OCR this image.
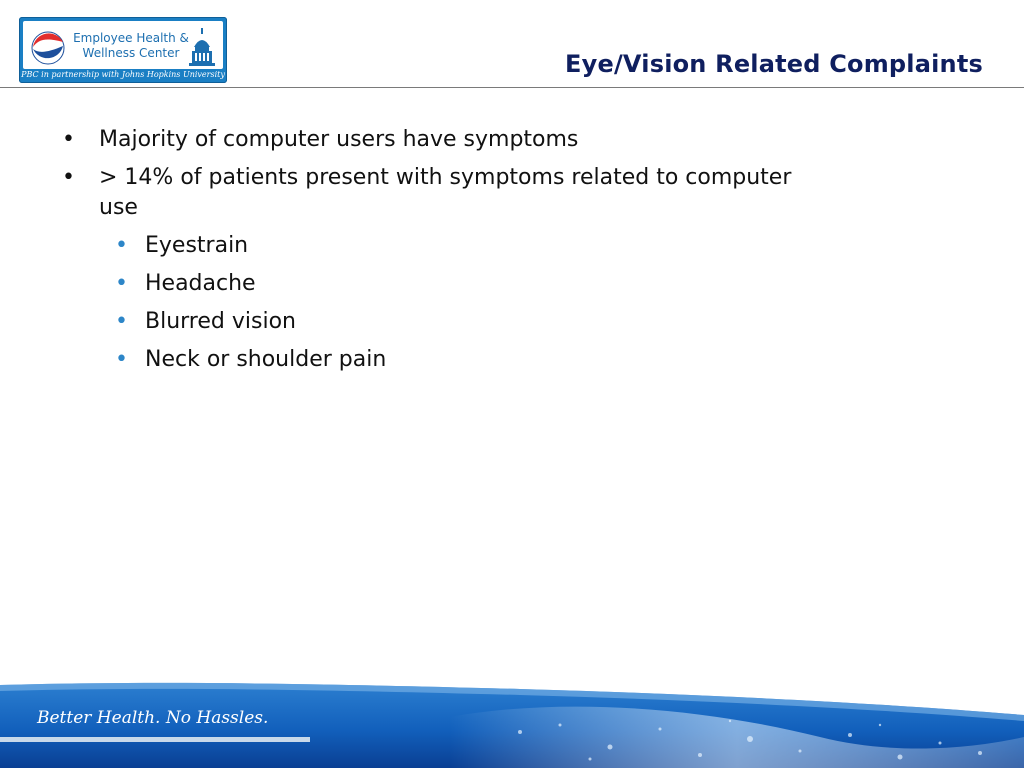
Employee Health &
Wellness Center
PBC in partnership with Johns Hopkins University	Eye/Vision Related Complaints
• Majority of computer users have symptoms
• > 14% of patients present with symptoms related to computer use
• Eyestrain
• Headache
• Blurred vision
• Neck or shoulder pain
Better Health. No Hassles.
